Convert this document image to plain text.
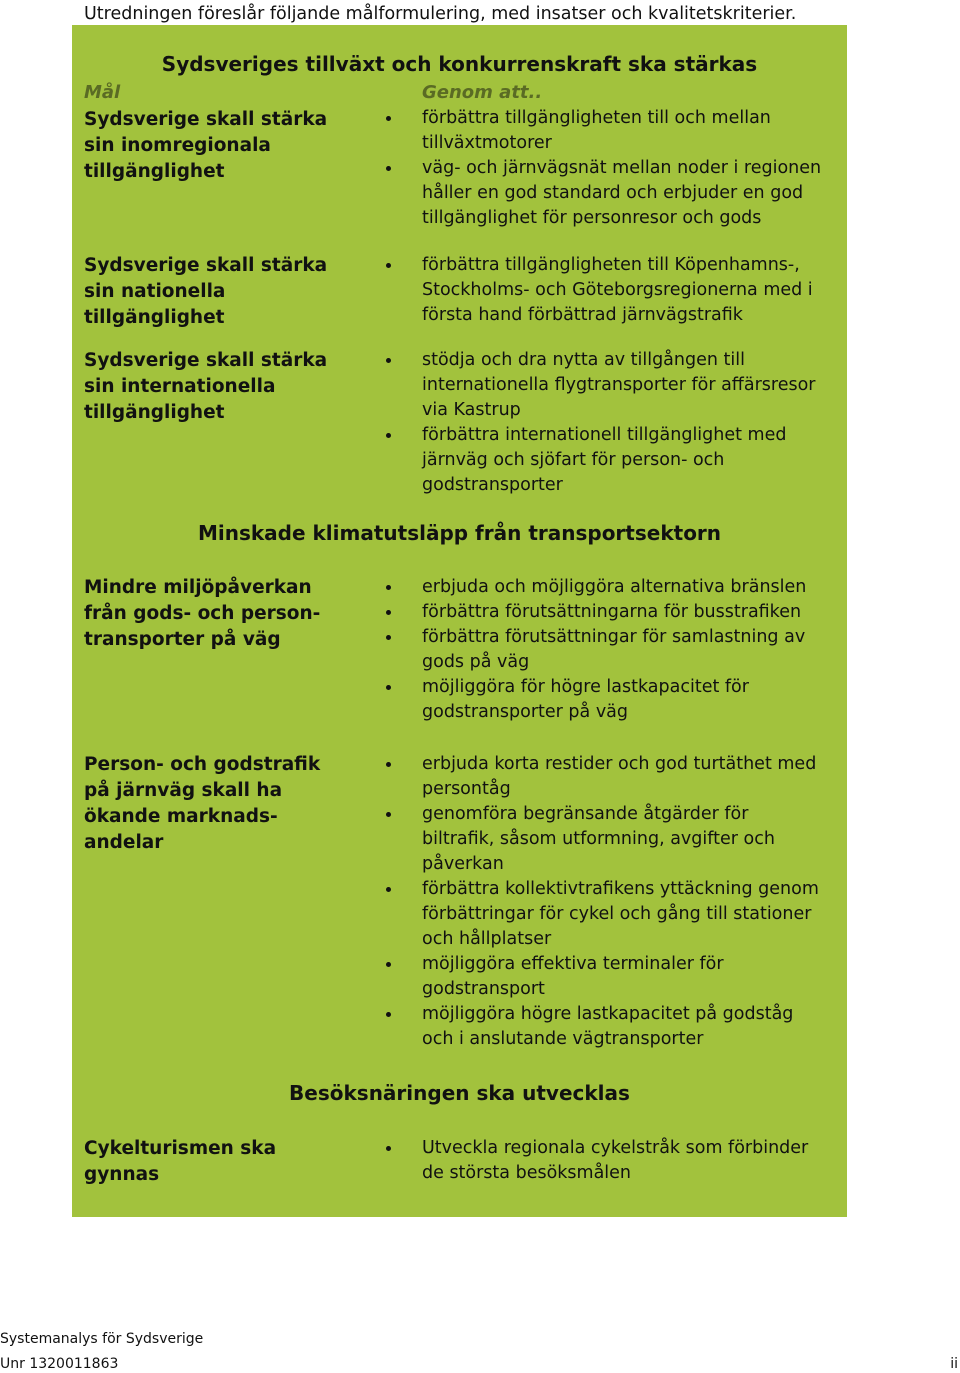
Utredningen föreslår följande målformulering, med insatser och kvalitetskriterier.
Sydsveriges tillväxt och konkurrenskraft ska stärkas
Mål	Genom att..
Sydsverige skall stärka sin inomregionala tillgänglighet
förbättra tillgängligheten till och mellan tillväxtmotorer
väg- och järnvägsnät mellan noder i regionen håller en god standard och erbjuder en god tillgänglighet för personresor och gods
Sydsverige skall stärka sin nationella tillgänglighet
förbättra tillgängligheten till Köpenhamns-, Stockholms- och Göteborgsregionerna med i första hand förbättrad järnvägstrafik
Sydsverige skall stärka sin internationella tillgänglighet
stödja och dra nytta av tillgången till internationella flygtransporter för affärsresor via Kastrup
förbättra internationell tillgänglighet med järnväg och sjöfart för person- och godstransporter
Minskade klimatutsläpp från transportsektorn
Mindre miljöpåverkan från gods- och person-transporter på väg
erbjuda och möjliggöra alternativa bränslen
förbättra förutsättningarna för busstrafiken
förbättra förutsättningar för samlastning av gods på väg
möjliggöra för högre lastkapacitet för godstransporter på väg
Person- och godstrafik på järnväg skall ha ökande marknads-andelar
erbjuda korta restider och god turtäthet med persontåg
genomföra begränsande åtgärder för biltrafik, såsom utformning, avgifter och påverkan
förbättra kollektivtrafikens yttäckning genom förbättringar för cykel och gång till stationer och hållplatser
möjliggöra effektiva terminaler för godstransport
möjliggöra högre lastkapacitet på godståg och i anslutande vägtransporter
Besöksnäringen ska utvecklas
Cykelturismen ska gynnas
Utveckla regionala cykelstråk som förbinder de största besöksmålen
Systemanalys för Sydsverige
Unr 1320011863	ii
